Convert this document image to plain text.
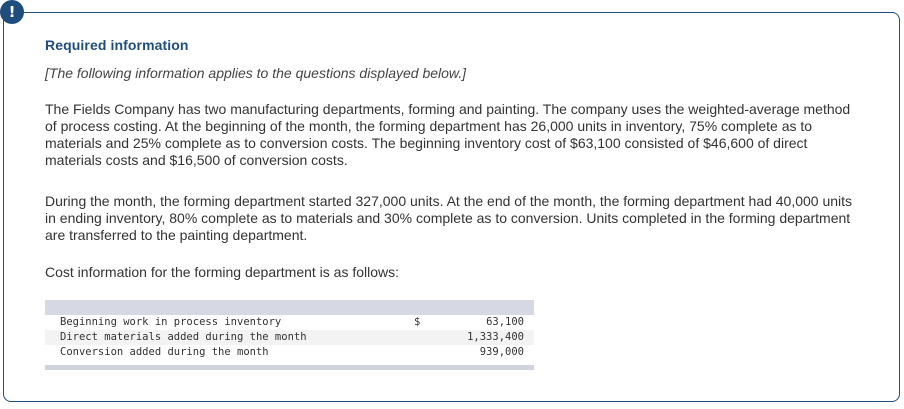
!
Required information
[The following information applies to the questions displayed below.]

The Fields Company has two manufacturing departments, forming and painting. The company uses the weighted-average method of process costing. At the beginning of the month, the forming department has 26,000 units in inventory, 75% complete as to materials and 25% complete as to conversion costs. The beginning inventory cost of $63,100 consisted of $46,600 of direct materials costs and $16,500 of conversion costs.

During the month, the forming department started 327,000 units. At the end of the month, the forming department had 40,000 units in ending inventory, 80% complete as to materials and 30% complete as to conversion. Units completed in the forming department are transferred to the painting department.

Cost information for the forming department is as follows:

Beginning work in process inventory	$	63,100
Direct materials added during the month		1,333,400
Conversion added during the month		939,000
